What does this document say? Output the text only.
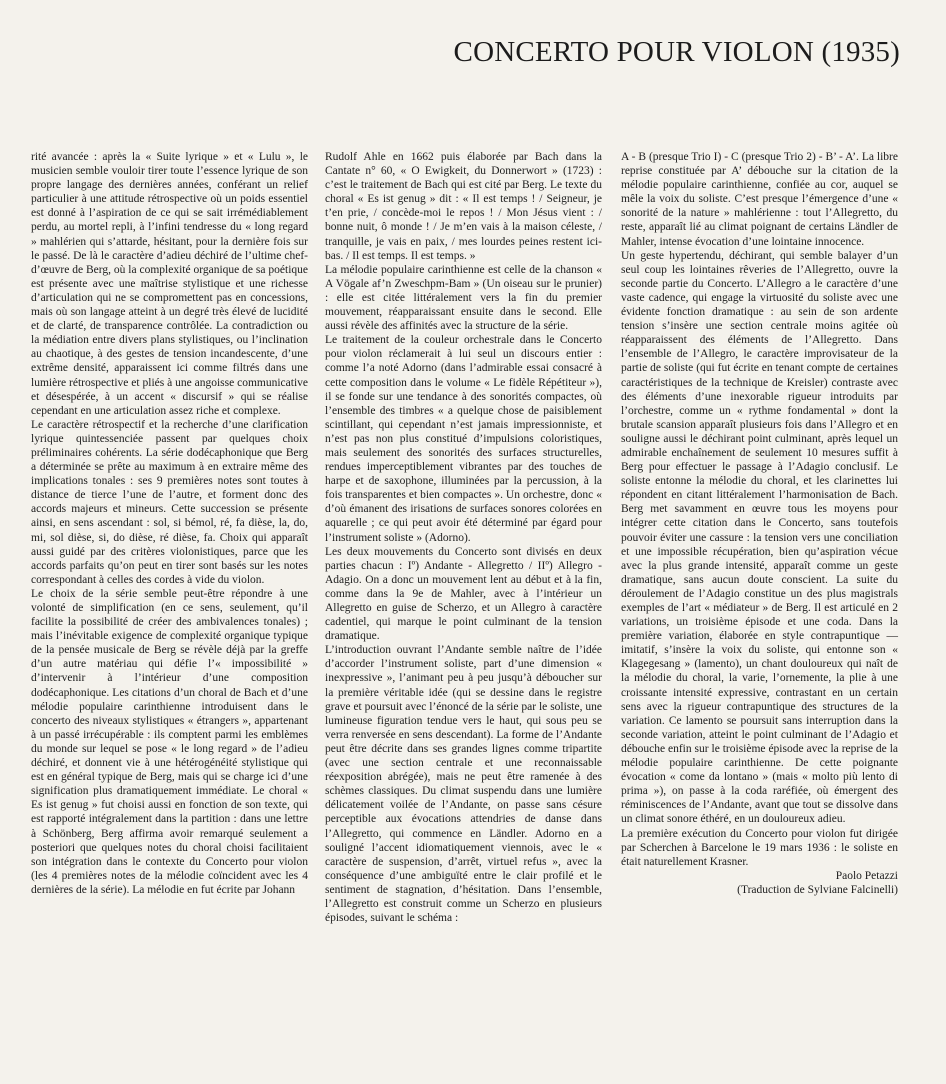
CONCERTO POUR VIOLON (1935)

rité avancée : après la « Suite lyrique » et « Lulu », le musicien semble vouloir tirer toute l’essence lyrique de son propre langage des dernières années, conférant un relief particulier à une attitude rétrospective où un poids essentiel est donné à l’aspiration de ce qui se sait irrémédiablement perdu, au mortel repli, à l’infini tendresse du « long regard » mahlérien qui s’attarde, hésitant, pour la dernière fois sur le passé. De là le caractère d’adieu déchiré de l’ultime chef-d’œuvre de Berg, où la complexité organique de sa poétique est présente avec une maîtrise stylistique et une richesse d’articulation qui ne se compromettent pas en concessions, mais où son langage atteint à un degré très élevé de lucidité et de clarté, de transparence contrôlée. La contradiction ou la médiation entre divers plans stylistiques, ou l’inclination au chaotique, à des gestes de tension incandescente, d’une extrême densité, apparaissent ici comme filtrés dans une lumière rétrospective et pliés à une angoisse communicative et désespérée, à un accent « discursif » qui se réalise cependant en une articulation assez riche et complexe.

Le caractère rétrospectif et la recherche d’une clarification lyrique quintessenciée passent par quelques choix préliminaires cohérents. La série dodécaphonique que Berg a déterminée se prête au maximum à en extraire même des implications tonales : ses 9 premières notes sont toutes à distance de tierce l’une de l’autre, et forment donc des accords majeurs et mineurs. Cette succession se présente ainsi, en sens ascendant : sol, si bémol, ré, fa dièse, la, do, mi, sol dièse, si, do dièse, ré dièse, fa. Choix qui apparaît aussi guidé par des critères violonistiques, parce que les accords parfaits qu’on peut en tirer sont basés sur les notes correspondant à celles des cordes à vide du violon.

Le choix de la série semble peut-être répondre à une volonté de simplification (en ce sens, seulement, qu’il facilite la possibilité de créer des ambivalences tonales) ; mais l’inévitable exigence de complexité organique typique de la pensée musicale de Berg se révèle déjà par la greffe d’un autre matériau qui défie l’« impossibilité » d’intervenir à l’intérieur d’une composition dodécaphonique. Les citations d’un choral de Bach et d’une mélodie populaire carinthienne introduisent dans le concerto des niveaux stylistiques « étrangers », appartenant à un passé irrécupérable : ils comptent parmi les emblèmes du monde sur lequel se pose « le long regard » de l’adieu déchiré, et donnent vie à une hétérogénéité stylistique qui est en général typique de Berg, mais qui se charge ici d’une signification plus dramatiquement immédiate. Le choral « Es ist genug » fut choisi aussi en fonction de son texte, qui est rapporté intégralement dans la partition : dans une lettre à Schönberg, Berg affirma avoir remarqué seulement a posteriori que quelques notes du choral choisi facilitaient son intégration dans le contexte du Concerto pour violon (les 4 premières notes de la mélodie coïncident avec les 4 dernières de la série). La mélodie en fut écrite par Johann

Rudolf Ahle en 1662 puis élaborée par Bach dans la Cantate n° 60, « O Ewigkeit, du Donnerwort » (1723) : c’est le traitement de Bach qui est cité par Berg. Le texte du choral « Es ist genug » dit : « Il est temps ! / Seigneur, je t’en prie, / concède-moi le repos ! / Mon Jésus vient : / bonne nuit, ô monde ! / Je m’en vais à la maison céleste, / tranquille, je vais en paix, / mes lourdes peines restent ici-bas. / Il est temps. Il est temps. »

La mélodie populaire carinthienne est celle de la chanson « A Vögale af’n Zweschpm-Bam » (Un oiseau sur le prunier) : elle est citée littéralement vers la fin du premier mouvement, réapparaissant ensuite dans le second. Elle aussi révèle des affinités avec la structure de la série.

Le traitement de la couleur orchestrale dans le Concerto pour violon réclamerait à lui seul un discours entier : comme l’a noté Adorno (dans l’admirable essai consacré à cette composition dans le volume « Le fidèle Répétiteur »), il se fonde sur une tendance à des sonorités compactes, où l’ensemble des timbres « a quelque chose de paisiblement scintillant, qui cependant n’est jamais impressionniste, et n’est pas non plus constitué d’impulsions coloristiques, mais seulement des sonorités des surfaces structurelles, rendues imperceptiblement vibrantes par des touches de harpe et de saxophone, illuminées par la percussion, à la fois transparentes et bien compactes ». Un orchestre, donc « d’où émanent des irisations de surfaces sonores colorées en aquarelle ; ce qui peut avoir été déterminé par égard pour l’instrument soliste » (Adorno).

Les deux mouvements du Concerto sont divisés en deux parties chacun : Iº) Andante - Allegretto / IIº) Allegro - Adagio. On a donc un mouvement lent au début et à la fin, comme dans la 9e de Mahler, avec à l’intérieur un Allegretto en guise de Scherzo, et un Allegro à caractère cadentiel, qui marque le point culminant de la tension dramatique.

L’introduction ouvrant l’Andante semble naître de l’idée d’accorder l’instrument soliste, part d’une dimension « inexpressive », l’animant peu à peu jusqu’à déboucher sur la première véritable idée (qui se dessine dans le registre grave et poursuit avec l’énoncé de la série par le soliste, une lumineuse figuration tendue vers le haut, qui sous peu se verra renversée en sens descendant). La forme de l’Andante peut être décrite dans ses grandes lignes comme tripartite (avec une section centrale et une reconnaissable réexposition abrégée), mais ne peut être ramenée à des schèmes classiques. Du climat suspendu dans une lumière délicatement voilée de l’Andante, on passe sans césure perceptible aux évocations attendries de danse dans l’Allegretto, qui commence en Ländler. Adorno en a souligné l’accent idiomatiquement viennois, avec le « caractère de suspension, d’arrêt, virtuel refus », avec la conséquence d’une ambiguïté entre le clair profilé et le sentiment de stagnation, d’hésitation. Dans l’ensemble, l’Allegretto est construit comme un Scherzo en plusieurs épisodes, suivant le schéma :

A - B (presque Trio I) - C (presque Trio 2) - B’ - A’. La libre reprise constituée par A’ débouche sur la citation de la mélodie populaire carinthienne, confiée au cor, auquel se mêle la voix du soliste. C’est presque l’émergence d’une « sonorité de la nature » mahlérienne : tout l’Allegretto, du reste, apparaît lié au climat poignant de certains Ländler de Mahler, intense évocation d’une lointaine innocence.

Un geste hypertendu, déchirant, qui semble balayer d’un seul coup les lointaines rêveries de l’Allegretto, ouvre la seconde partie du Concerto. L’Allegro a le caractère d’une vaste cadence, qui engage la virtuosité du soliste avec une évidente fonction dramatique : au sein de son ardente tension s’insère une section centrale moins agitée où réapparaissent des éléments de l’Allegretto. Dans l’ensemble de l’Allegro, le caractère improvisateur de la partie de soliste (qui fut écrite en tenant compte de certaines caractéristiques de la technique de Kreisler) contraste avec des éléments d’une inexorable rigueur introduits par l’orchestre, comme un « rythme fondamental » dont la brutale scansion apparaît plusieurs fois dans l’Allegro et en souligne aussi le déchirant point culminant, après lequel un admirable enchaînement de seulement 10 mesures suffit à Berg pour effectuer le passage à l’Adagio conclusif. Le soliste entonne la mélodie du choral, et les clarinettes lui répondent en citant littéralement l’harmonisation de Bach. Berg met savamment en œuvre tous les moyens pour intégrer cette citation dans le Concerto, sans toutefois pouvoir éviter une cassure : la tension vers une conciliation et une impossible récupération, bien qu’aspiration vécue avec la plus grande intensité, apparaît comme un geste dramatique, sans aucun doute conscient. La suite du déroulement de l’Adagio constitue un des plus magistrals exemples de l’art « médiateur » de Berg. Il est articulé en 2 variations, un troisième épisode et une coda. Dans la première variation, élaborée en style contrapuntique — imitatif, s’insère la voix du soliste, qui entonne son « Klagegesang » (lamento), un chant douloureux qui naît de la mélodie du choral, la varie, l’ornemente, la plie à une croissante intensité expressive, contrastant en un certain sens avec la rigueur contrapuntique des structures de la variation. Ce lamento se poursuit sans interruption dans la seconde variation, atteint le point culminant de l’Adagio et débouche enfin sur le troisième épisode avec la reprise de la mélodie populaire carinthienne. De cette poignante évocation « come da lontano » (mais « molto più lento di prima »), on passe à la coda raréfiée, où émergent des réminiscences de l’Andante, avant que tout se dissolve dans un climat sonore éthéré, en un douloureux adieu.

La première exécution du Concerto pour violon fut dirigée par Scherchen à Barcelone le 19 mars 1936 : le soliste en était naturellement Krasner.

Paolo Petazzi

(Traduction de Sylviane Falcinelli)
